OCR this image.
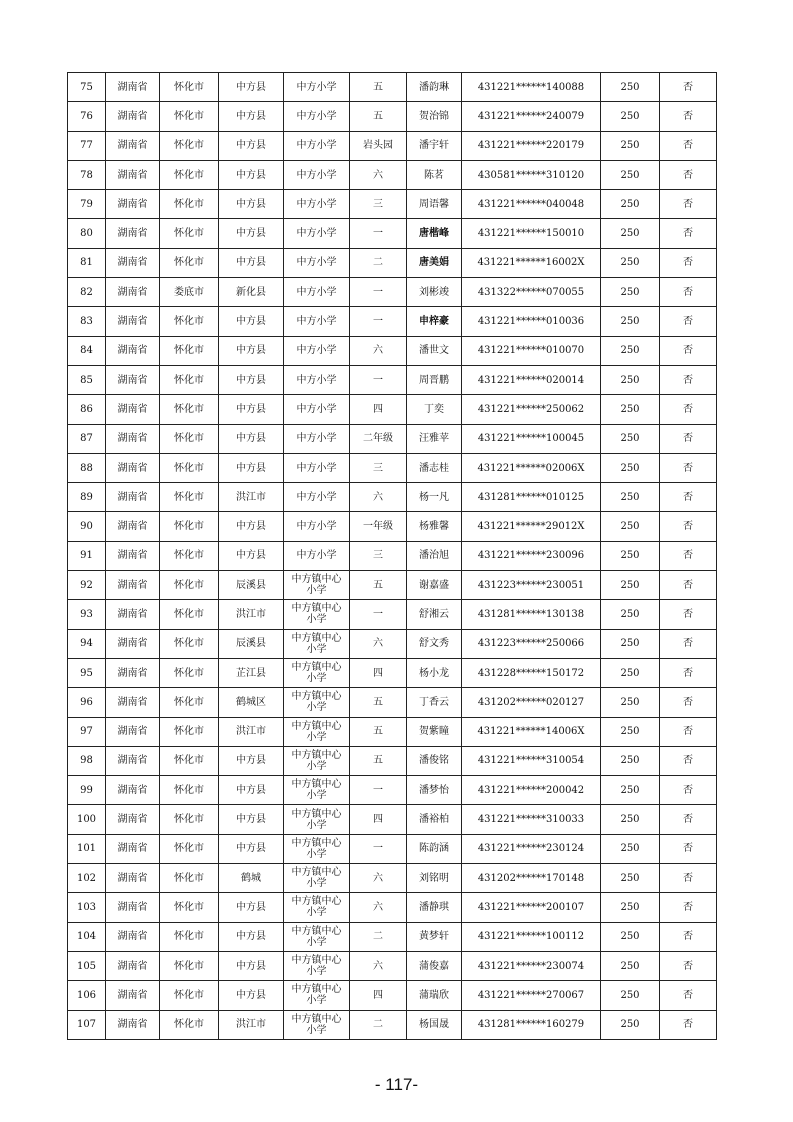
75	湖南省	怀化市	中方县	中方小学	五	潘韵琳	431221******140088	250	否
76	湖南省	怀化市	中方县	中方小学	五	贺治锦	431221******240079	250	否
77	湖南省	怀化市	中方县	中方小学	岩头园	潘宇轩	431221******220179	250	否
78	湖南省	怀化市	中方县	中方小学	六	陈茗	430581******310120	250	否
79	湖南省	怀化市	中方县	中方小学	三	周语馨	431221******040048	250	否
80	湖南省	怀化市	中方县	中方小学	一	唐楷峰	431221******150010	250	否
81	湖南省	怀化市	中方县	中方小学	二	唐美娟	431221******16002X	250	否
82	湖南省	娄底市	新化县	中方小学	一	刘彬竣	431322******070055	250	否
83	湖南省	怀化市	中方县	中方小学	一	申梓豪	431221******010036	250	否
84	湖南省	怀化市	中方县	中方小学	六	潘世文	431221******010070	250	否
85	湖南省	怀化市	中方县	中方小学	一	周晋鹏	431221******020014	250	否
86	湖南省	怀化市	中方县	中方小学	四	丁奕	431221******250062	250	否
87	湖南省	怀化市	中方县	中方小学	二年级	汪雅苹	431221******100045	250	否
88	湖南省	怀化市	中方县	中方小学	三	潘志桂	431221******02006X	250	否
89	湖南省	怀化市	洪江市	中方小学	六	杨一凡	431281******010125	250	否
90	湖南省	怀化市	中方县	中方小学	一年级	杨雅馨	431221******29012X	250	否
91	湖南省	怀化市	中方县	中方小学	三	潘治旭	431221******230096	250	否
92	湖南省	怀化市	辰溪县	中方镇中心小学	五	谢嘉盛	431223******230051	250	否
93	湖南省	怀化市	洪江市	中方镇中心小学	一	舒湘云	431281******130138	250	否
94	湖南省	怀化市	辰溪县	中方镇中心小学	六	舒文秀	431223******250066	250	否
95	湖南省	怀化市	芷江县	中方镇中心小学	四	杨小龙	431228******150172	250	否
96	湖南省	怀化市	鹤城区	中方镇中心小学	五	丁香云	431202******020127	250	否
97	湖南省	怀化市	洪江市	中方镇中心小学	五	贺紫瞳	431221******14006X	250	否
98	湖南省	怀化市	中方县	中方镇中心小学	五	潘俊铭	431221******310054	250	否
99	湖南省	怀化市	中方县	中方镇中心小学	一	潘梦怡	431221******200042	250	否
100	湖南省	怀化市	中方县	中方镇中心小学	四	潘裕柏	431221******310033	250	否
101	湖南省	怀化市	中方县	中方镇中心小学	一	陈韵涵	431221******230124	250	否
102	湖南省	怀化市	鹤城	中方镇中心小学	六	刘铭明	431202******170148	250	否
103	湖南省	怀化市	中方县	中方镇中心小学	六	潘静琪	431221******200107	250	否
104	湖南省	怀化市	中方县	中方镇中心小学	二	黄梦轩	431221******100112	250	否
105	湖南省	怀化市	中方县	中方镇中心小学	六	蒲俊嘉	431221******230074	250	否
106	湖南省	怀化市	中方县	中方镇中心小学	四	蒲瑞欣	431221******270067	250	否
107	湖南省	怀化市	洪江市	中方镇中心小学	二	杨国晟	431281******160279	250	否
- 117-
